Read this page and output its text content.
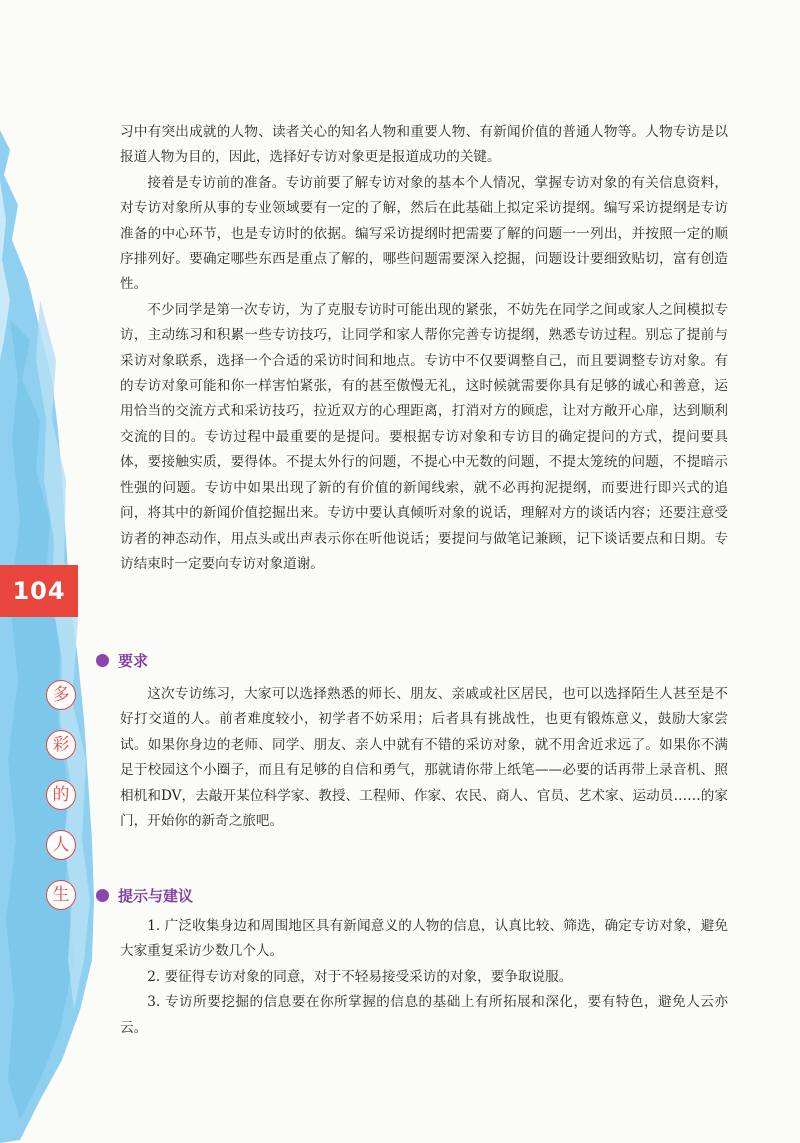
104
多
彩
的
人
生

习中有突出成就的人物、读者关心的知名人物和重要人物、有新闻价值的普通人物等。人物专访是以报道人物为目的，因此，选择好专访对象更是报道成功的关键。

接着是专访前的准备。专访前要了解专访对象的基本个人情况，掌握专访对象的有关信息资料，对专访对象所从事的专业领域要有一定的了解，然后在此基础上拟定采访提纲。编写采访提纲是专访准备的中心环节，也是专访时的依据。编写采访提纲时把需要了解的问题一一列出，并按照一定的顺序排列好。要确定哪些东西是重点了解的，哪些问题需要深入挖掘，问题设计要细致贴切，富有创造性。

不少同学是第一次专访，为了克服专访时可能出现的紧张，不妨先在同学之间或家人之间模拟专访，主动练习和积累一些专访技巧，让同学和家人帮你完善专访提纲，熟悉专访过程。别忘了提前与采访对象联系，选择一个合适的采访时间和地点。专访中不仅要调整自己，而且要调整专访对象。有的专访对象可能和你一样害怕紧张，有的甚至傲慢无礼，这时候就需要你具有足够的诚心和善意，运用恰当的交流方式和采访技巧，拉近双方的心理距离，打消对方的顾虑，让对方敞开心扉，达到顺利交流的目的。专访过程中最重要的是提问。要根据专访对象和专访目的确定提问的方式，提问要具体，要接触实质，要得体。不提太外行的问题，不提心中无数的问题，不提太笼统的问题，不提暗示性强的问题。专访中如果出现了新的有价值的新闻线索，就不必再拘泥提纲，而要进行即兴式的追问，将其中的新闻价值挖掘出来。专访中要认真倾听对象的说话，理解对方的谈话内容；还要注意受访者的神态动作，用点头或出声表示你在听他说话；要提问与做笔记兼顾，记下谈话要点和日期。专访结束时一定要向专访对象道谢。

要求

这次专访练习，大家可以选择熟悉的师长、朋友、亲戚或社区居民，也可以选择陌生人甚至是不好打交道的人。前者难度较小，初学者不妨采用；后者具有挑战性，也更有锻炼意义，鼓励大家尝试。如果你身边的老师、同学、朋友、亲人中就有不错的采访对象，就不用舍近求远了。如果你不满足于校园这个小圈子，而且有足够的自信和勇气，那就请你带上纸笔——必要的话再带上录音机、照相机和DV，去敲开某位科学家、教授、工程师、作家、农民、商人、官员、艺术家、运动员……的家门，开始你的新奇之旅吧。

提示与建议

1. 广泛收集身边和周围地区具有新闻意义的人物的信息，认真比较、筛选，确定专访对象，避免大家重复采访少数几个人。

2. 要征得专访对象的同意，对于不轻易接受采访的对象，要争取说服。

3. 专访所要挖掘的信息要在你所掌握的信息的基础上有所拓展和深化，要有特色，避免人云亦云。
